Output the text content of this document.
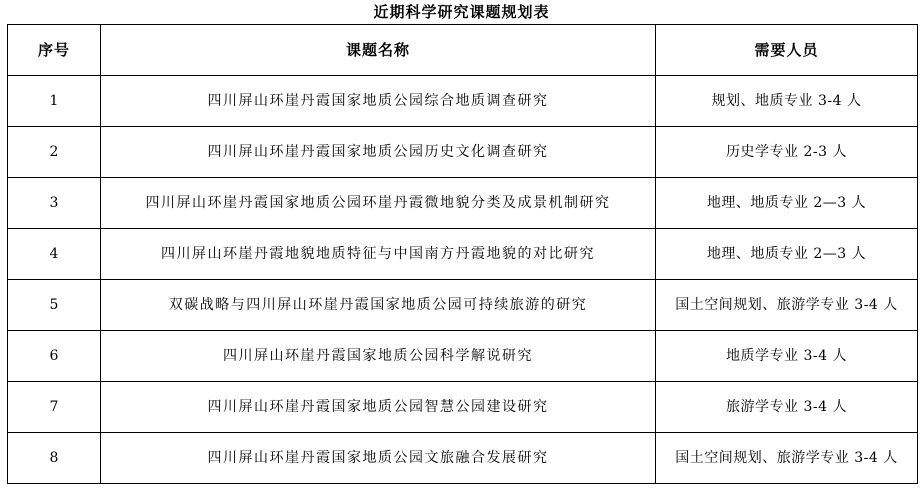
近期科学研究课题规划表
序号	课题名称	需要人员
1	四川屏山环崖丹霞国家地质公园综合地质调查研究	规划、地质专业 3-4 人
2	四川屏山环崖丹霞国家地质公园历史文化调查研究	历史学专业 2-3 人
3	四川屏山环崖丹霞国家地质公园环崖丹霞微地貌分类及成景机制研究	地理、地质专业 2—3 人
4	四川屏山环崖丹霞地貌地质特征与中国南方丹霞地貌的对比研究	地理、地质专业 2—3 人
5	双碳战略与四川屏山环崖丹霞国家地质公园可持续旅游的研究	国土空间规划、旅游学专业 3-4 人
6	四川屏山环崖丹霞国家地质公园科学解说研究	地质学专业 3-4 人
7	四川屏山环崖丹霞国家地质公园智慧公园建设研究	旅游学专业 3-4 人
8	四川屏山环崖丹霞国家地质公园文旅融合发展研究	国土空间规划、旅游学专业 3-4 人
